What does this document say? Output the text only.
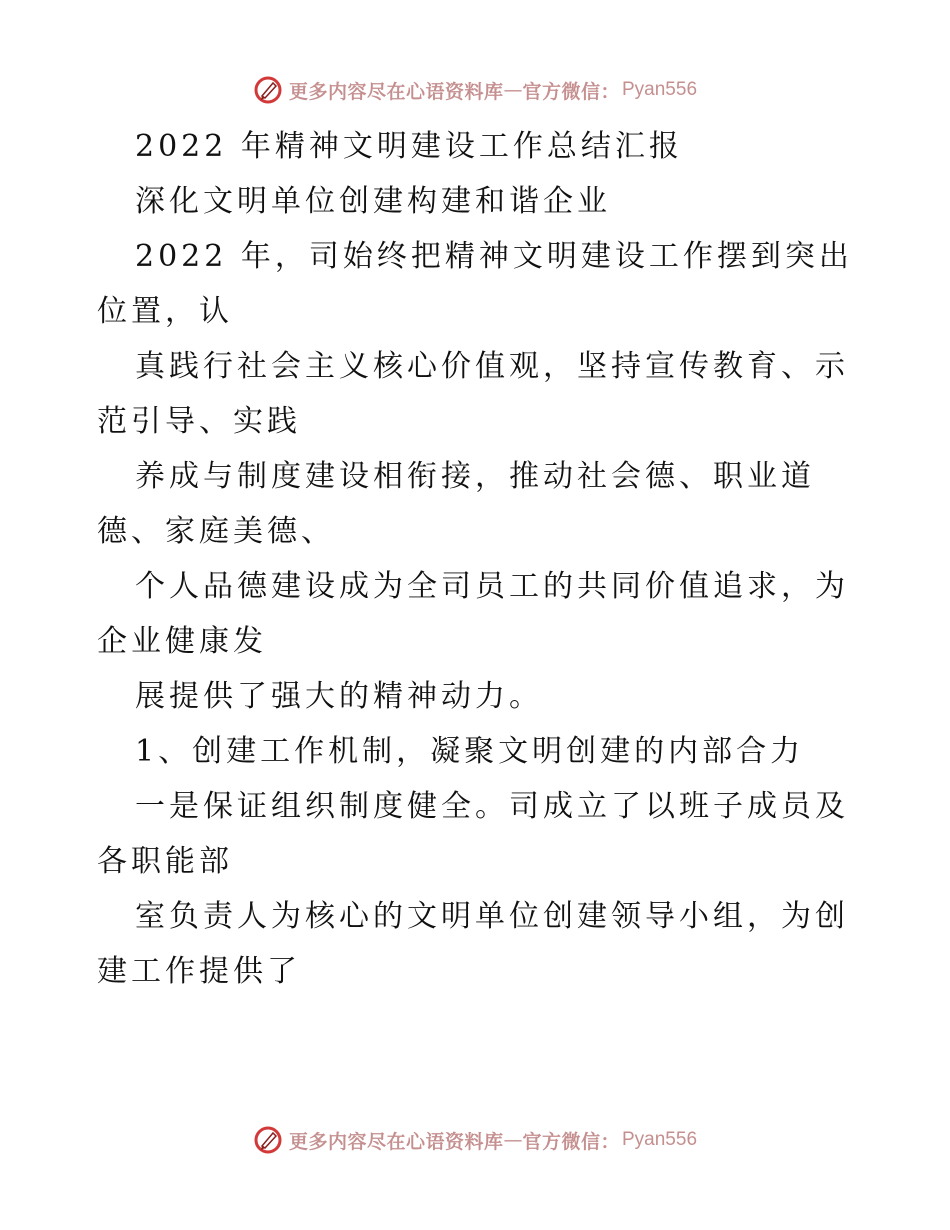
更多内容尽在心语资料库 — 官方微信： Pyan556
2022 年精神文明建设工作总结汇报
深化文明单位创建构建和谐企业
2022 年，司始终把精神文明建设工作摆到突出
位置，认
真践行社会主义核心价值观，坚持宣传教育、示
范引导、实践
养成与制度建设相衔接，推动社会德、职业道
德、家庭美德、
个人品德建设成为全司员工的共同价值追求，为
企业健康发
展提供了强大的精神动力。
1、创建工作机制，凝聚文明创建的内部合力
一是保证组织制度健全。司成立了以班子成员及
各职能部
室负责人为核心的文明单位创建领导小组，为创
建工作提供了
更多内容尽在心语资料库 — 官方微信： Pyan556
